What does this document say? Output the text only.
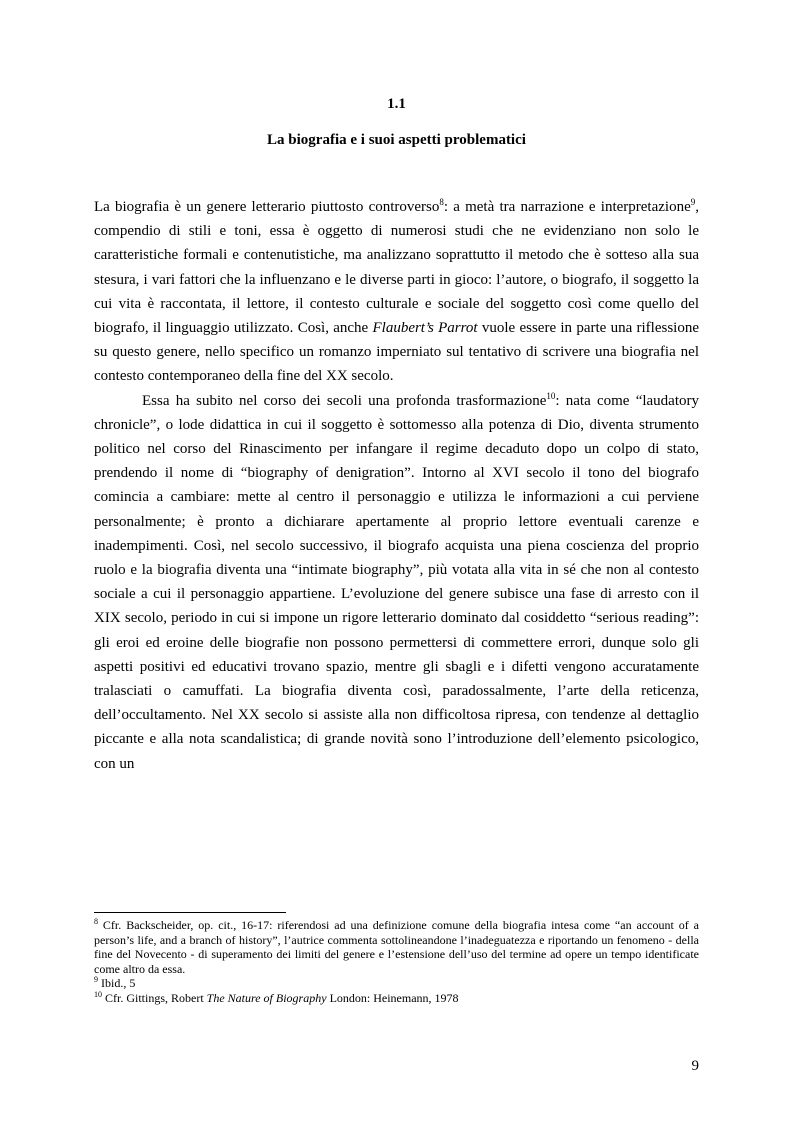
1.1
La biografia e i suoi aspetti problematici

La biografia è un genere letterario piuttosto controverso$^8$: a metà tra narrazione e interpretazione$^9$, compendio di stili e toni, essa è oggetto di numerosi studi che ne evidenziano non solo le caratteristiche formali e contenutistiche, ma analizzano soprattutto il metodo che è sotteso alla sua stesura, i vari fattori che la influenzano e le diverse parti in gioco: l’autore, o biografo, il soggetto la cui vita è raccontata, il lettore, il contesto culturale e sociale del soggetto così come quello del biografo, il linguaggio utilizzato. Così, anche Flaubert’s Parrot vuole essere in parte una riflessione su questo genere, nello specifico un romanzo imperniato sul tentativo di scrivere una biografia nel contesto contemporaneo della fine del XX secolo.

Essa ha subito nel corso dei secoli una profonda trasformazione$^{10}$: nata come “laudatory chronicle”, o lode didattica in cui il soggetto è sottomesso alla potenza di Dio, diventa strumento politico nel corso del Rinascimento per infangare il regime decaduto dopo un colpo di stato, prendendo il nome di “biography of denigration”. Intorno al XVI secolo il tono del biografo comincia a cambiare: mette al centro il personaggio e utilizza le informazioni a cui perviene personalmente; è pronto a dichiarare apertamente al proprio lettore eventuali carenze e inadempimenti. Così, nel secolo successivo, il biografo acquista una piena coscienza del proprio ruolo e la biografia diventa una “intimate biography”, più votata alla vita in sé che non al contesto sociale a cui il personaggio appartiene. L’evoluzione del genere subisce una fase di arresto con il XIX secolo, periodo in cui si impone un rigore letterario dominato dal cosiddetto “serious reading”: gli eroi ed eroine delle biografie non possono permettersi di commettere errori, dunque solo gli aspetti positivi ed educativi trovano spazio, mentre gli sbagli e i difetti vengono accuratamente tralasciati o camuffati. La biografia diventa così, paradossalmente, l’arte della reticenza, dell’occultamento. Nel XX secolo si assiste alla non difficoltosa ripresa, con tendenze al dettaglio piccante e alla nota scandalistica; di grande novità sono l’introduzione dell’elemento psicologico, con un

$^8$ Cfr. Backscheider, op. cit., 16-17: riferendosi ad una definizione comune della biografia intesa come “an account of a person’s life, and a branch of history”, l’autrice commenta sottolineandone l’inadeguatezza e riportando un fenomeno - della fine del Novecento - di superamento dei limiti del genere e l’estensione dell’uso del termine ad opere un tempo identificate come altro da essa.

$^9$ Ibid., 5

$^{10}$ Cfr. Gittings, Robert The Nature of Biography London: Heinemann, 1978

9
